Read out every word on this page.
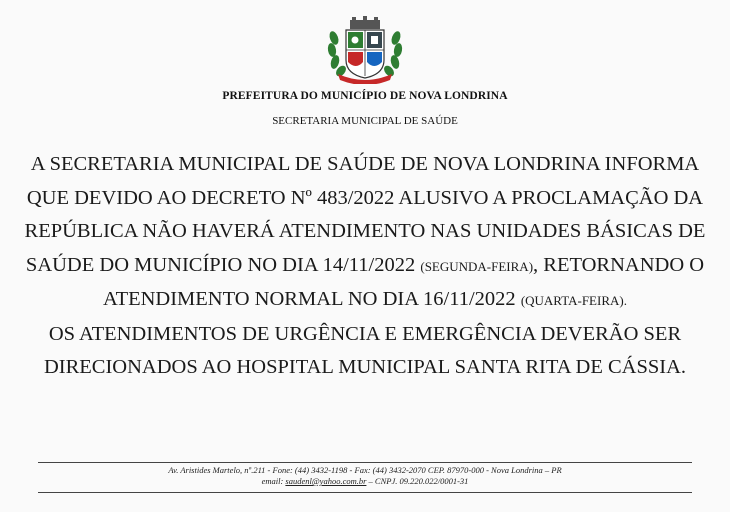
PREFEITURA DO MUNICÍPIO DE NOVA LONDRINA
SECRETARIA MUNICIPAL DE SAÚDE
A SECRETARIA MUNICIPAL DE SAÚDE DE NOVA LONDRINA INFORMA
QUE DEVIDO AO DECRETO Nº 483/2022 ALUSIVO A PROCLAMAÇÃO DA
REPÚBLICA NÃO HAVERÁ ATENDIMENTO NAS UNIDADES BÁSICAS DE
SAÚDE DO MUNICÍPIO NO DIA 14/11/2022 (SEGUNDA-FEIRA), RETORNANDO O
ATENDIMENTO NORMAL NO DIA 16/11/2022 (QUARTA-FEIRA).
OS ATENDIMENTOS DE URGÊNCIA E EMERGÊNCIA DEVERÃO SER
DIRECIONADOS AO HOSPITAL MUNICIPAL SANTA RITA DE CÁSSIA.
Av. Aristides Martelo, nº.211 - Fone: (44) 3432-1198 - Fax: (44) 3432-2070 CEP. 87970-000 - Nova Londrina – PR
email: saudenl@yahoo.com.br – CNPJ. 09.220.022/0001-31
